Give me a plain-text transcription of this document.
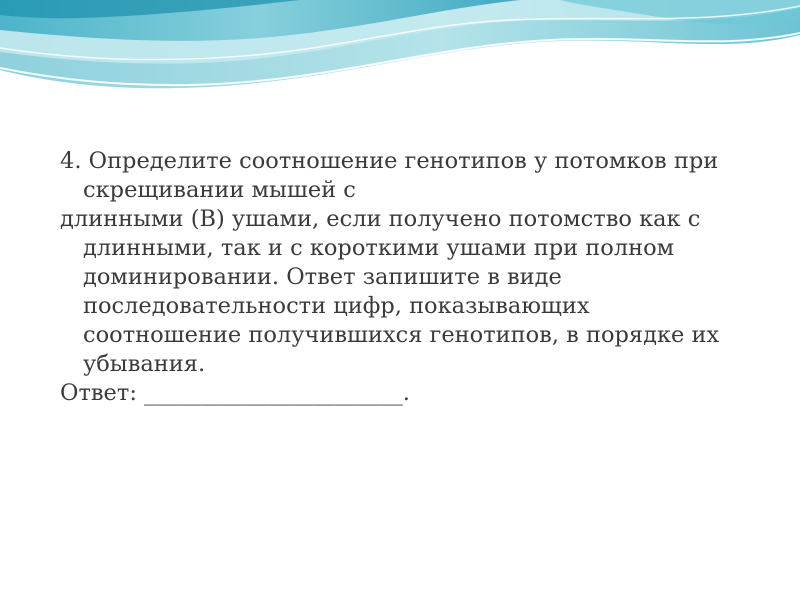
4. Определите соотношение генотипов у потомков при скрещивании мышей с

длинными (В) ушами, если получено потомство как с длинными, так и с короткими ушами при полном доминировании. Ответ запишите в виде последовательности цифр, показывающих соотношение получившихся генотипов, в порядке их убывания.

Ответ: _______________________.
